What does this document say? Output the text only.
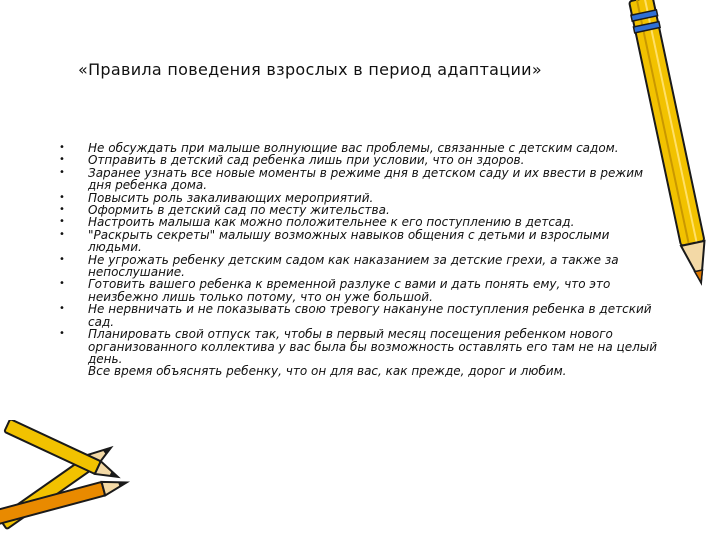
«Правила поведения взрослых в период адаптации»
• Не обсуждать при малыше волнующие вас проблемы, связанные с детским садом.
• Отправить в детский сад ребенка лишь при условии, что он здоров.
• Заранее узнать все новые моменты в режиме дня в детском саду и их ввести в режим дня ребенка дома.
• Повысить роль закаливающих мероприятий.
• Оформить в детский сад по месту жительства.
• Настроить малыша как можно положительнее к его поступлению в детсад.
• "Раскрыть секреты" малышу возможных навыков общения с детьми и взрослыми людьми.
• Не угрожать ребенку детским садом как наказанием за детские грехи, а также за непослушание.
• Готовить вашего ребенка к временной разлуке с вами и дать понять ему, что это неизбежно лишь только потому, что он уже большой.
• Не нервничать и не показывать свою тревогу накануне поступления ребенка в детский сад.
• Планировать свой отпуск так, чтобы в первый месяц посещения ребенком нового организованного коллектива у вас была бы возможность оставлять его там не на целый день.
Все время объяснять ребенку, что он для вас, как прежде, дорог и любим.
